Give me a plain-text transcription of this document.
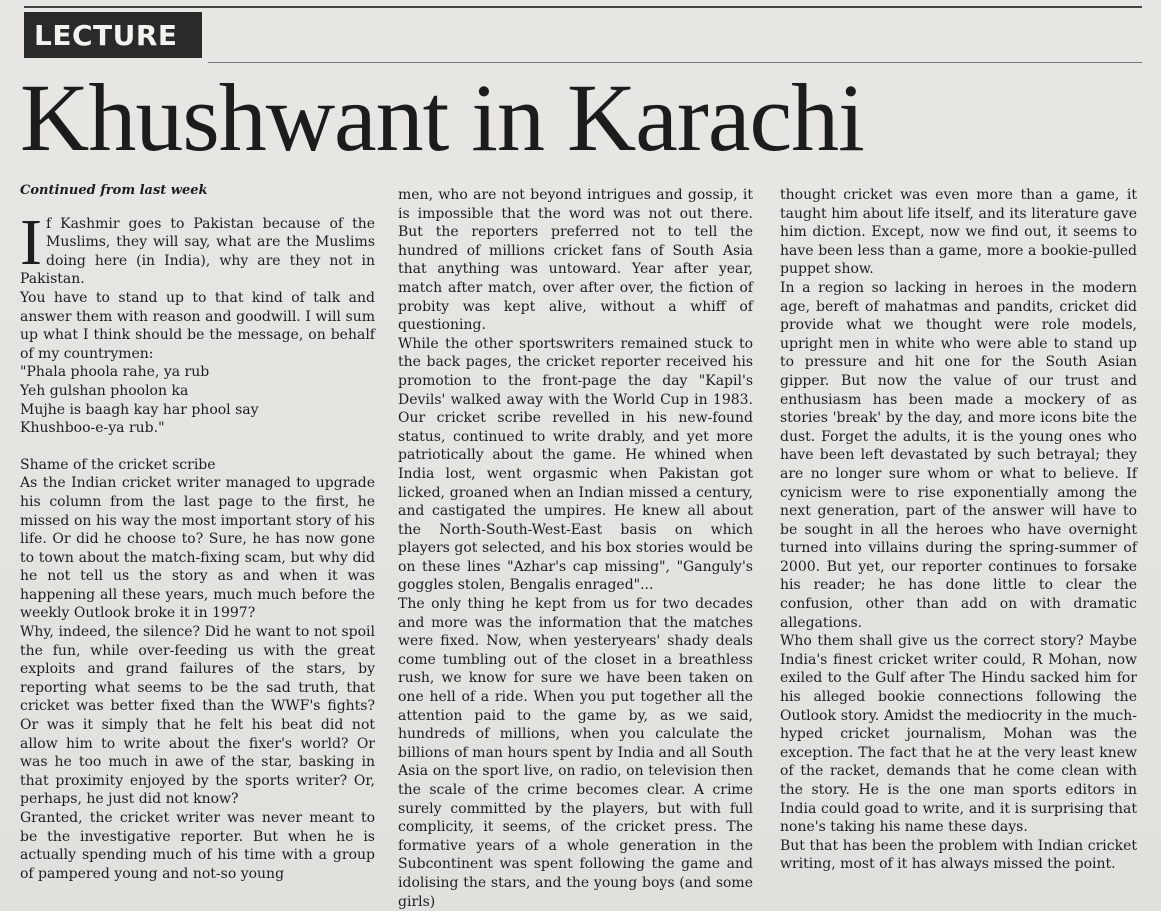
LECTURE
Khushwant in Karachi

Continued from last week

If Kashmir goes to Pakistan because of the Muslims, they will say, what are the Muslims doing here (in India), why are they not in Pakistan.

You have to stand up to that kind of talk and answer them with reason and goodwill. I will sum up what I think should be the message, on behalf of my countrymen:

"Phala phoola rahe, ya rub

Yeh gulshan phoolon ka

Mujhe is baagh kay har phool say

Khushboo-e-ya rub."

Shame of the cricket scribe

As the Indian cricket writer managed to upgrade his column from the last page to the first, he missed on his way the most important story of his life. Or did he choose to? Sure, he has now gone to town about the match-fixing scam, but why did he not tell us the story as and when it was happening all these years, much much before the weekly Outlook broke it in 1997?

Why, indeed, the silence? Did he want to not spoil the fun, while over-feeding us with the great exploits and grand failures of the stars, by reporting what seems to be the sad truth, that cricket was better fixed than the WWF's fights? Or was it simply that he felt his beat did not allow him to write about the fixer's world? Or was he too much in awe of the star, basking in that proximity enjoyed by the sports writer? Or, perhaps, he just did not know?

Granted, the cricket writer was never meant to be the investigative reporter. But when he is actually spending much of his time with a group of pampered young and not-so young

men, who are not beyond intrigues and gossip, it is impossible that the word was not out there. But the reporters preferred not to tell the hundred of millions cricket fans of South Asia that anything was untoward. Year after year, match after match, over after over, the fiction of probity was kept alive, without a whiff of questioning.

While the other sportswriters remained stuck to the back pages, the cricket reporter received his promotion to the front-page the day "Kapil's Devils' walked away with the World Cup in 1983. Our cricket scribe revelled in his new-found status, continued to write drably, and yet more patriotically about the game. He whined when India lost, went orgasmic when Pakistan got licked, groaned when an Indian missed a century, and castigated the umpires. He knew all about the North-South-West-East basis on which players got selected, and his box stories would be on these lines "Azhar's cap missing", "Ganguly's goggles stolen, Bengalis enraged"...

The only thing he kept from us for two decades and more was the information that the matches were fixed. Now, when yesteryears' shady deals come tumbling out of the closet in a breathless rush, we know for sure we have been taken on one hell of a ride. When you put together all the attention paid to the game by, as we said, hundreds of millions, when you calculate the billions of man hours spent by India and all South Asia on the sport live, on radio, on television then the scale of the crime becomes clear. A crime surely committed by the players, but with full complicity, it seems, of the cricket press. The formative years of a whole generation in the Subcontinent was spent following the game and idolising the stars, and the young boys (and some girls)

thought cricket was even more than a game, it taught him about life itself, and its literature gave him diction. Except, now we find out, it seems to have been less than a game, more a bookie-pulled puppet show.

In a region so lacking in heroes in the modern age, bereft of mahatmas and pandits, cricket did provide what we thought were role models, upright men in white who were able to stand up to pressure and hit one for the South Asian gipper. But now the value of our trust and enthusiasm has been made a mockery of as stories 'break' by the day, and more icons bite the dust. Forget the adults, it is the young ones who have been left devastated by such betrayal; they are no longer sure whom or what to believe. If cynicism were to rise exponentially among the next generation, part of the answer will have to be sought in all the heroes who have overnight turned into villains during the spring-summer of 2000. But yet, our reporter continues to forsake his reader; he has done little to clear the confusion, other than add on with dramatic allegations.

Who them shall give us the correct story? Maybe India's finest cricket writer could, R Mohan, now exiled to the Gulf after The Hindu sacked him for his alleged bookie connections following the Outlook story. Amidst the mediocrity in the much-hyped cricket journalism, Mohan was the exception. The fact that he at the very least knew of the racket, demands that he come clean with the story. He is the one man sports editors in India could goad to write, and it is surprising that none's taking his name these days.

But that has been the problem with Indian cricket writing, most of it has always missed the point.
